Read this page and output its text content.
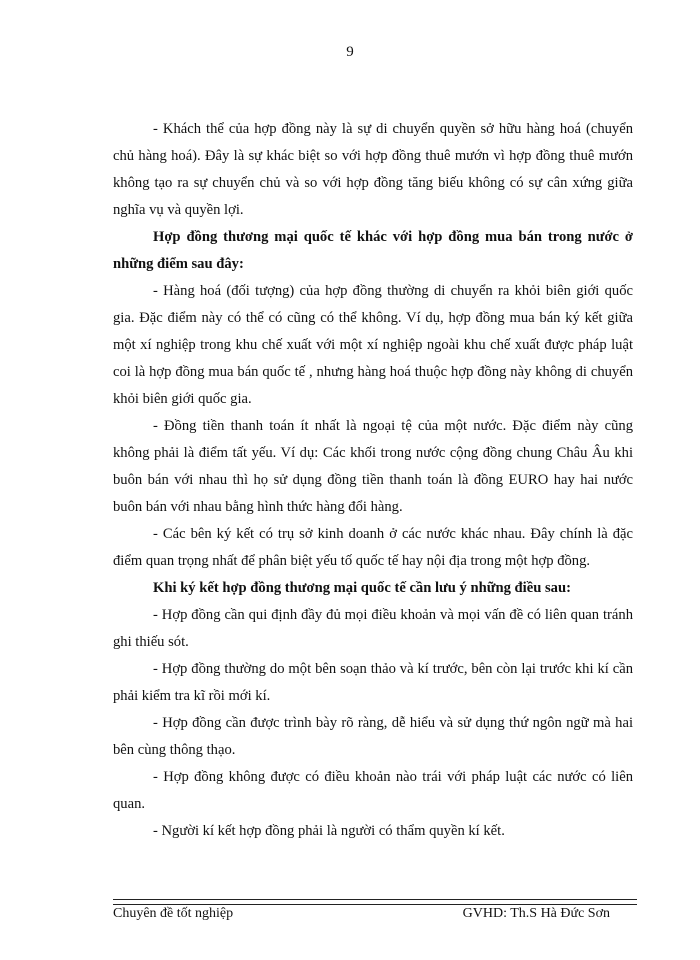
9

- Khách thể của hợp đồng này là sự di chuyển quyền sở hữu hàng hoá (chuyển chủ hàng hoá). Đây là sự khác biệt so với hợp đồng thuê mướn vì hợp đồng thuê mướn không tạo ra sự chuyển chủ và so với hợp đồng tăng biếu không có sự cân xứng giữa nghĩa vụ và quyền lợi.

Hợp đồng thương mại quốc tế khác với hợp đồng mua bán trong nước ở những điểm sau đây:

- Hàng hoá (đối tượng) của hợp đồng thường di chuyển ra khỏi biên giới quốc gia. Đặc điểm này có thể có cũng có thể không. Ví dụ, hợp đồng mua bán ký kết giữa một xí nghiệp trong khu chế xuất với một xí nghiệp ngoài khu chế xuất được pháp luật coi là hợp đồng mua bán quốc tế , nhưng hàng hoá thuộc hợp đồng này không di chuyển khỏi biên giới quốc gia.

- Đồng tiền thanh toán ít nhất là ngoại tệ của một nước. Đặc điểm này cũng không phải là điểm tất yếu. Ví dụ: Các khối trong nước cộng đồng chung Châu Âu khi buôn bán với nhau thì họ sử dụng đồng tiền thanh toán là đồng EURO hay hai nước buôn bán với nhau bằng hình thức hàng đổi hàng.

- Các bên ký kết có trụ sở kinh doanh ở các nước khác nhau. Đây chính là đặc điểm quan trọng nhất để phân biệt yếu tố quốc tế hay nội địa trong một hợp đồng.

Khi ký kết hợp đồng thương mại quốc tế cần lưu ý những điều sau:

- Hợp đồng cần qui định đầy đủ mọi điều khoản và mọi vấn đề có liên quan tránh ghi thiếu sót.

- Hợp đồng thường do một bên soạn thảo và kí trước, bên còn lại trước khi kí cần phải kiểm tra kĩ rồi mới kí.

- Hợp đồng cần được trình bày rõ ràng, dễ hiểu và sử dụng thứ ngôn ngữ mà hai bên cùng thông thạo.

- Hợp đồng không được có điều khoản nào trái với pháp luật các nước có liên quan.

- Người kí kết hợp đồng phải là người có thẩm quyền kí kết.

Chuyên đề tốt nghiệp	GVHD: Th.S Hà Đức Sơn
